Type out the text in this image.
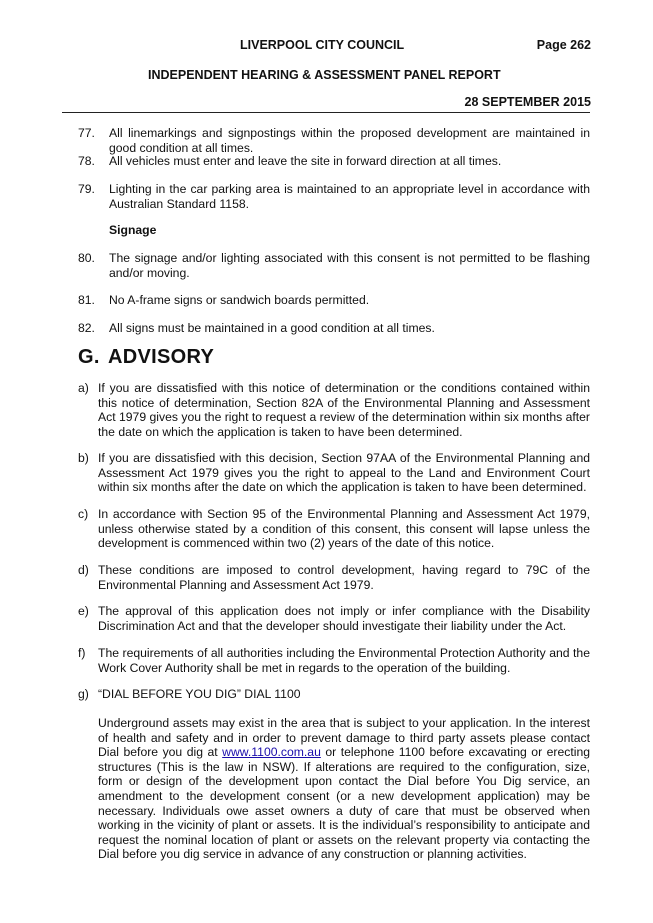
LIVERPOOL CITY COUNCIL	Page 262
INDEPENDENT HEARING & ASSESSMENT PANEL REPORT
28 SEPTEMBER 2015
77. All linemarkings and signpostings within the proposed development are maintained in good condition at all times.
78. All vehicles must enter and leave the site in forward direction at all times.
79. Lighting in the car parking area is maintained to an appropriate level in accordance with Australian Standard 1158.
Signage
80. The signage and/or lighting associated with this consent is not permitted to be flashing and/or moving.
81. No A-frame signs or sandwich boards permitted.
82. All signs must be maintained in a good condition at all times.
G. ADVISORY
a) If you are dissatisfied with this notice of determination or the conditions contained within this notice of determination, Section 82A of the Environmental Planning and Assessment Act 1979 gives you the right to request a review of the determination within six months after the date on which the application is taken to have been determined.
b) If you are dissatisfied with this decision, Section 97AA of the Environmental Planning and Assessment Act 1979 gives you the right to appeal to the Land and Environment Court within six months after the date on which the application is taken to have been determined.
c) In accordance with Section 95 of the Environmental Planning and Assessment Act 1979, unless otherwise stated by a condition of this consent, this consent will lapse unless the development is commenced within two (2) years of the date of this notice.
d) These conditions are imposed to control development, having regard to 79C of the Environmental Planning and Assessment Act 1979.
e) The approval of this application does not imply or infer compliance with the Disability Discrimination Act and that the developer should investigate their liability under the Act.
f) The requirements of all authorities including the Environmental Protection Authority and the Work Cover Authority shall be met in regards to the operation of the building.
g) “DIAL BEFORE YOU DIG” DIAL 1100
Underground assets may exist in the area that is subject to your application. In the interest of health and safety and in order to prevent damage to third party assets please contact Dial before you dig at www.1100.com.au or telephone 1100 before excavating or erecting structures (This is the law in NSW). If alterations are required to the configuration, size, form or design of the development upon contact the Dial before You Dig service, an amendment to the development consent (or a new development application) may be necessary. Individuals owe asset owners a duty of care that must be observed when working in the vicinity of plant or assets. It is the individual’s responsibility to anticipate and request the nominal location of plant or assets on the relevant property via contacting the Dial before you dig service in advance of any construction or planning activities.
